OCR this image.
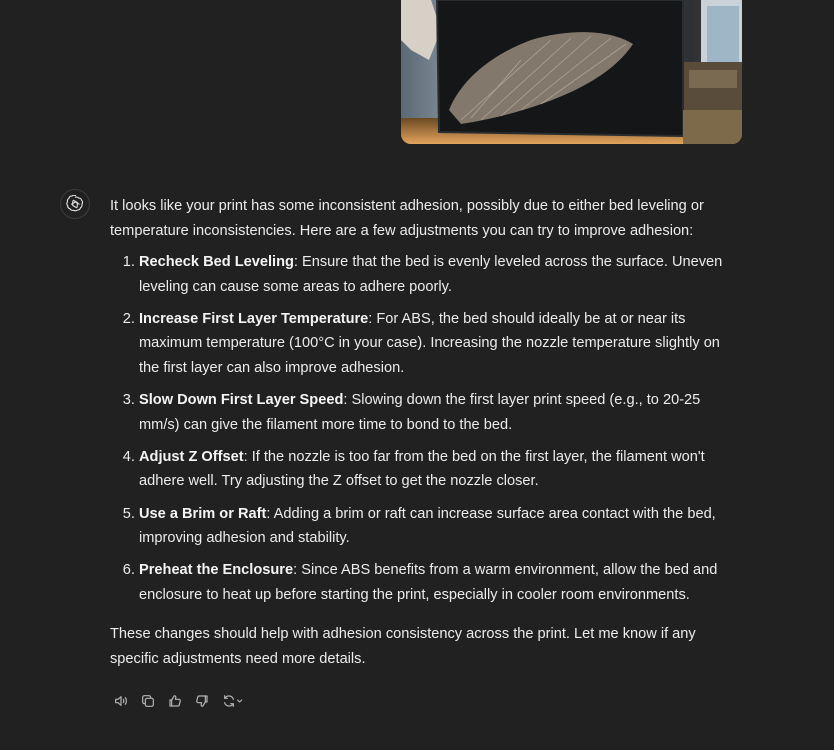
It looks like your print has some inconsistent adhesion, possibly due to either bed leveling or temperature inconsistencies. Here are a few adjustments you can try to improve adhesion:

1. Recheck Bed Leveling: Ensure that the bed is evenly leveled across the surface. Uneven leveling can cause some areas to adhere poorly.
2. Increase First Layer Temperature: For ABS, the bed should ideally be at or near its maximum temperature (100°C in your case). Increasing the nozzle temperature slightly on the first layer can also improve adhesion.
3. Slow Down First Layer Speed: Slowing down the first layer print speed (e.g., to 20-25 mm/s) can give the filament more time to bond to the bed.
4. Adjust Z Offset: If the nozzle is too far from the bed on the first layer, the filament won't adhere well. Try adjusting the Z offset to get the nozzle closer.
5. Use a Brim or Raft: Adding a brim or raft can increase surface area contact with the bed, improving adhesion and stability.
6. Preheat the Enclosure: Since ABS benefits from a warm environment, allow the bed and enclosure to heat up before starting the print, especially in cooler room environments.

These changes should help with adhesion consistency across the print. Let me know if any specific adjustments need more details.
